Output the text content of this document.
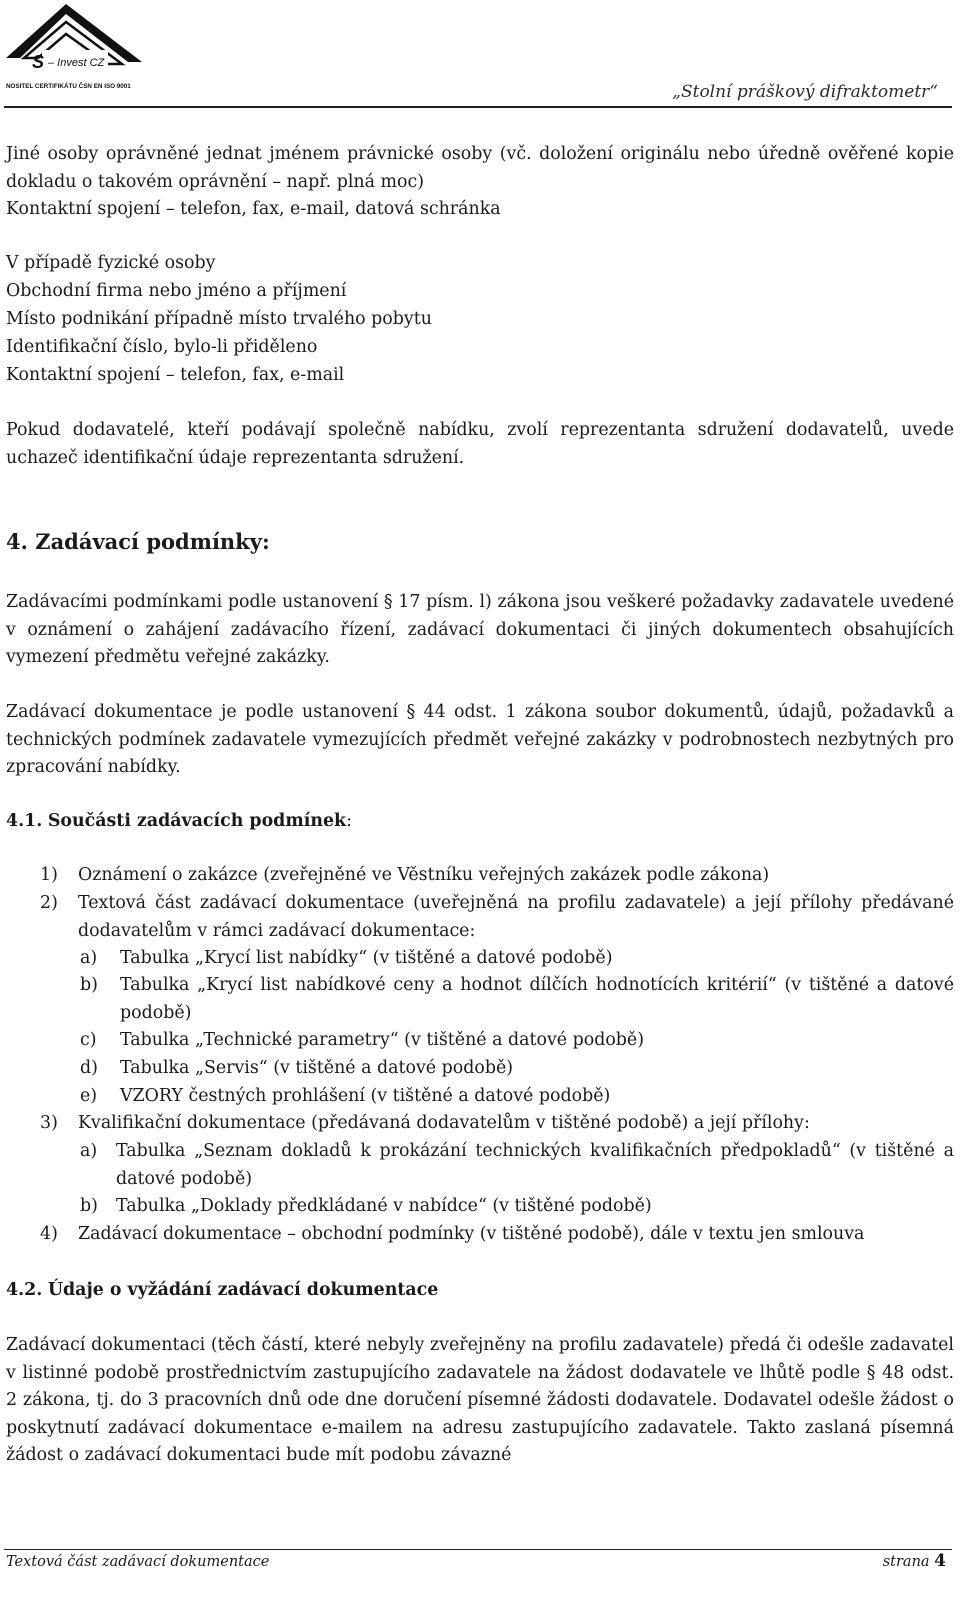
S – Invest CZ
NOSITEL CERTIFIKÁTU ČSN EN ISO 9001	„Stolní práškový difraktometr“
Jiné osoby oprávněné jednat jménem právnické osoby (vč. doložení originálu nebo úředně ověřené kopie dokladu o takovém oprávnění – např. plná moc)
Kontaktní spojení – telefon, fax, e-mail, datová schránka
V případě fyzické osoby
Obchodní firma nebo jméno a příjmení
Místo podnikání případně místo trvalého pobytu
Identifikační číslo, bylo-li přiděleno
Kontaktní spojení – telefon, fax, e-mail
Pokud dodavatelé, kteří podávají společně nabídku, zvolí reprezentanta sdružení dodavatelů, uvede uchazeč identifikační údaje reprezentanta sdružení.
4. Zadávací podmínky:
Zadávacími podmínkami podle ustanovení § 17 písm. l) zákona jsou veškeré požadavky zadavatele uvedené v oznámení o zahájení zadávacího řízení, zadávací dokumentaci či jiných dokumentech obsahujících vymezení předmětu veřejné zakázky.
Zadávací dokumentace je podle ustanovení § 44 odst. 1 zákona soubor dokumentů, údajů, požadavků a technických podmínek zadavatele vymezujících předmět veřejné zakázky v podrobnostech nezbytných pro zpracování nabídky.
4.1. Součásti zadávacích podmínek:
1) Oznámení o zakázce (zveřejněné ve Věstníku veřejných zakázek podle zákona)
2) Textová část zadávací dokumentace (uveřejněná na profilu zadavatele) a její přílohy předávané dodavatelům v rámci zadávací dokumentace:
a) Tabulka „Krycí list nabídky“ (v tištěné a datové podobě)
b) Tabulka „Krycí list nabídkové ceny a hodnot dílčích hodnotících kritérií“ (v tištěné a datové podobě)
c) Tabulka „Technické parametry“ (v tištěné a datové podobě)
d) Tabulka „Servis“ (v tištěné a datové podobě)
e) VZORY čestných prohlášení (v tištěné a datové podobě)
3) Kvalifikační dokumentace (předávaná dodavatelům v tištěné podobě) a její přílohy:
a) Tabulka „Seznam dokladů k prokázání technických kvalifikačních předpokladů“ (v tištěné a datové podobě)
b) Tabulka „Doklady předkládané v nabídce“ (v tištěné podobě)
4) Zadávací dokumentace – obchodní podmínky (v tištěné podobě), dále v textu jen smlouva
4.2. Údaje o vyžádání zadávací dokumentace
Zadávací dokumentaci (těch částí, které nebyly zveřejněny na profilu zadavatele) předá či odešle zadavatel v listinné podobě prostřednictvím zastupujícího zadavatele na žádost dodavatele ve lhůtě podle § 48 odst. 2 zákona, tj. do 3 pracovních dnů ode dne doručení písemné žádosti dodavatele. Dodavatel odešle žádost o poskytnutí zadávací dokumentace e-mailem na adresu zastupujícího zadavatele. Takto zaslaná písemná žádost o zadávací dokumentaci bude mít podobu závazné
Textová část zadávací dokumentace	strana 4
